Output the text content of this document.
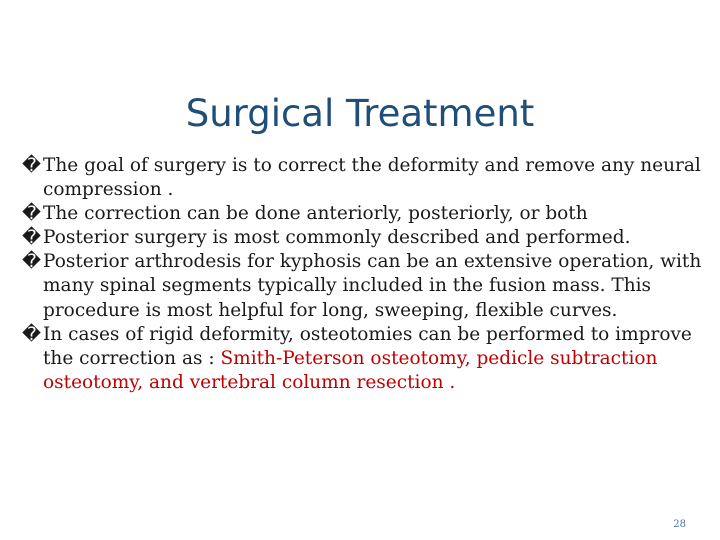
Surgical Treatment
� The goal of surgery is to correct the deformity and remove any neural compression .
� The correction can be done anteriorly, posteriorly, or both
� Posterior surgery is most commonly described and performed.
� Posterior arthrodesis for kyphosis can be an extensive operation, with many spinal segments typically included in the fusion mass. This procedure is most helpful for long, sweeping, flexible curves.
� In cases of rigid deformity, osteotomies can be performed to improve the correction as : Smith-Peterson osteotomy, pedicle subtraction osteotomy, and vertebral column resection .
28
